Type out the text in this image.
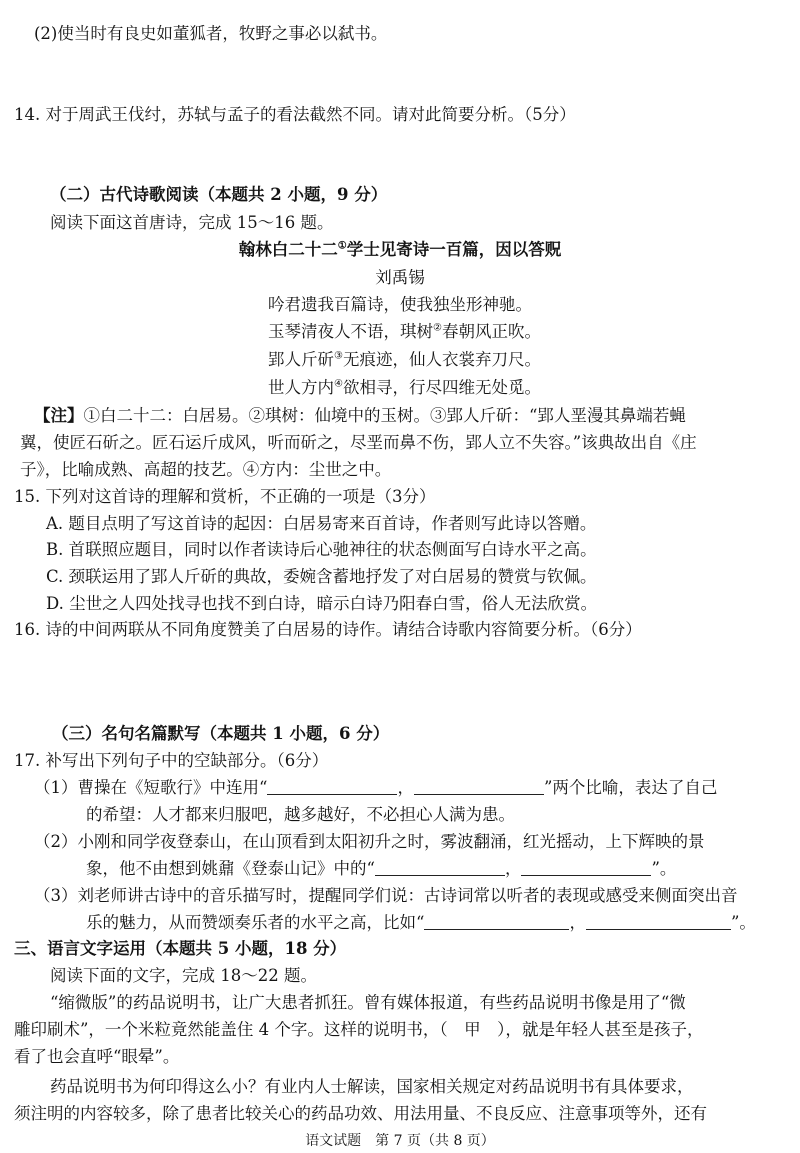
(2)使当时有良史如董狐者，牧野之事必以弑书。
14. 对于周武王伐纣，苏轼与孟子的看法截然不同。请对此简要分析。（5分）
（二）古代诗歌阅读（本题共 2 小题，9 分）
阅读下面这首唐诗，完成 15～16 题。
翰林白二十二①学士见寄诗一百篇，因以答贶
刘禹锡
吟君遗我百篇诗，使我独坐形神驰。
玉琴清夜人不语，琪树②春朝风正吹。
郢人斤斫③无痕迹，仙人衣裳弃刀尺。
世人方内④欲相寻，行尽四维无处觅。
【注】①白二十二：白居易。②琪树：仙境中的玉树。③郢人斤斫：“郢人垩漫其鼻端若蝇
翼，使匠石斫之。匠石运斤成风，听而斫之，尽垩而鼻不伤，郢人立不失容。”该典故出自《庄
子》，比喻成熟、高超的技艺。④方内：尘世之中。
15. 下列对这首诗的理解和赏析，不正确的一项是（3分）
A. 题目点明了写这首诗的起因：白居易寄来百首诗，作者则写此诗以答赠。
B. 首联照应题目，同时以作者读诗后心驰神往的状态侧面写白诗水平之高。
C. 颈联运用了郢人斤斫的典故，委婉含蓄地抒发了对白居易的赞赏与钦佩。
D. 尘世之人四处找寻也找不到白诗，暗示白诗乃阳春白雪，俗人无法欣赏。
16. 诗的中间两联从不同角度赞美了白居易的诗作。请结合诗歌内容简要分析。（6分）
（三）名句名篇默写（本题共 1 小题，6 分）
17. 补写出下列句子中的空缺部分。（6分）
（1）曹操在《短歌行》中连用“	，	”两个比喻，表达了自己
的希望：人才都来归服吧，越多越好，不必担心人满为患。
（2）小刚和同学夜登泰山，在山顶看到太阳初升之时，雾波翻涌，红光摇动，上下辉映的景
象，他不由想到姚鼐《登泰山记》中的“	，	”。
（3）刘老师讲古诗中的音乐描写时，提醒同学们说：古诗词常以听者的表现或感受来侧面突出音
乐的魅力，从而赞颂奏乐者的水平之高，比如“	，	”。
三、语言文字运用（本题共 5 小题，18 分）
阅读下面的文字，完成 18～22 题。
“缩微版”的药品说明书，让广大患者抓狂。曾有媒体报道，有些药品说明书像是用了“微
雕印刷术”，一个米粒竟然能盖住 4 个字。这样的说明书，（　甲　），就是年轻人甚至是孩子，
看了也会直呼“眼晕”。
药品说明书为何印得这么小？有业内人士解读，国家相关规定对药品说明书有具体要求，
须注明的内容较多，除了患者比较关心的药品功效、用法用量、不良反应、注意事项等外，还有
语文试题　第 7 页（共 8 页）
